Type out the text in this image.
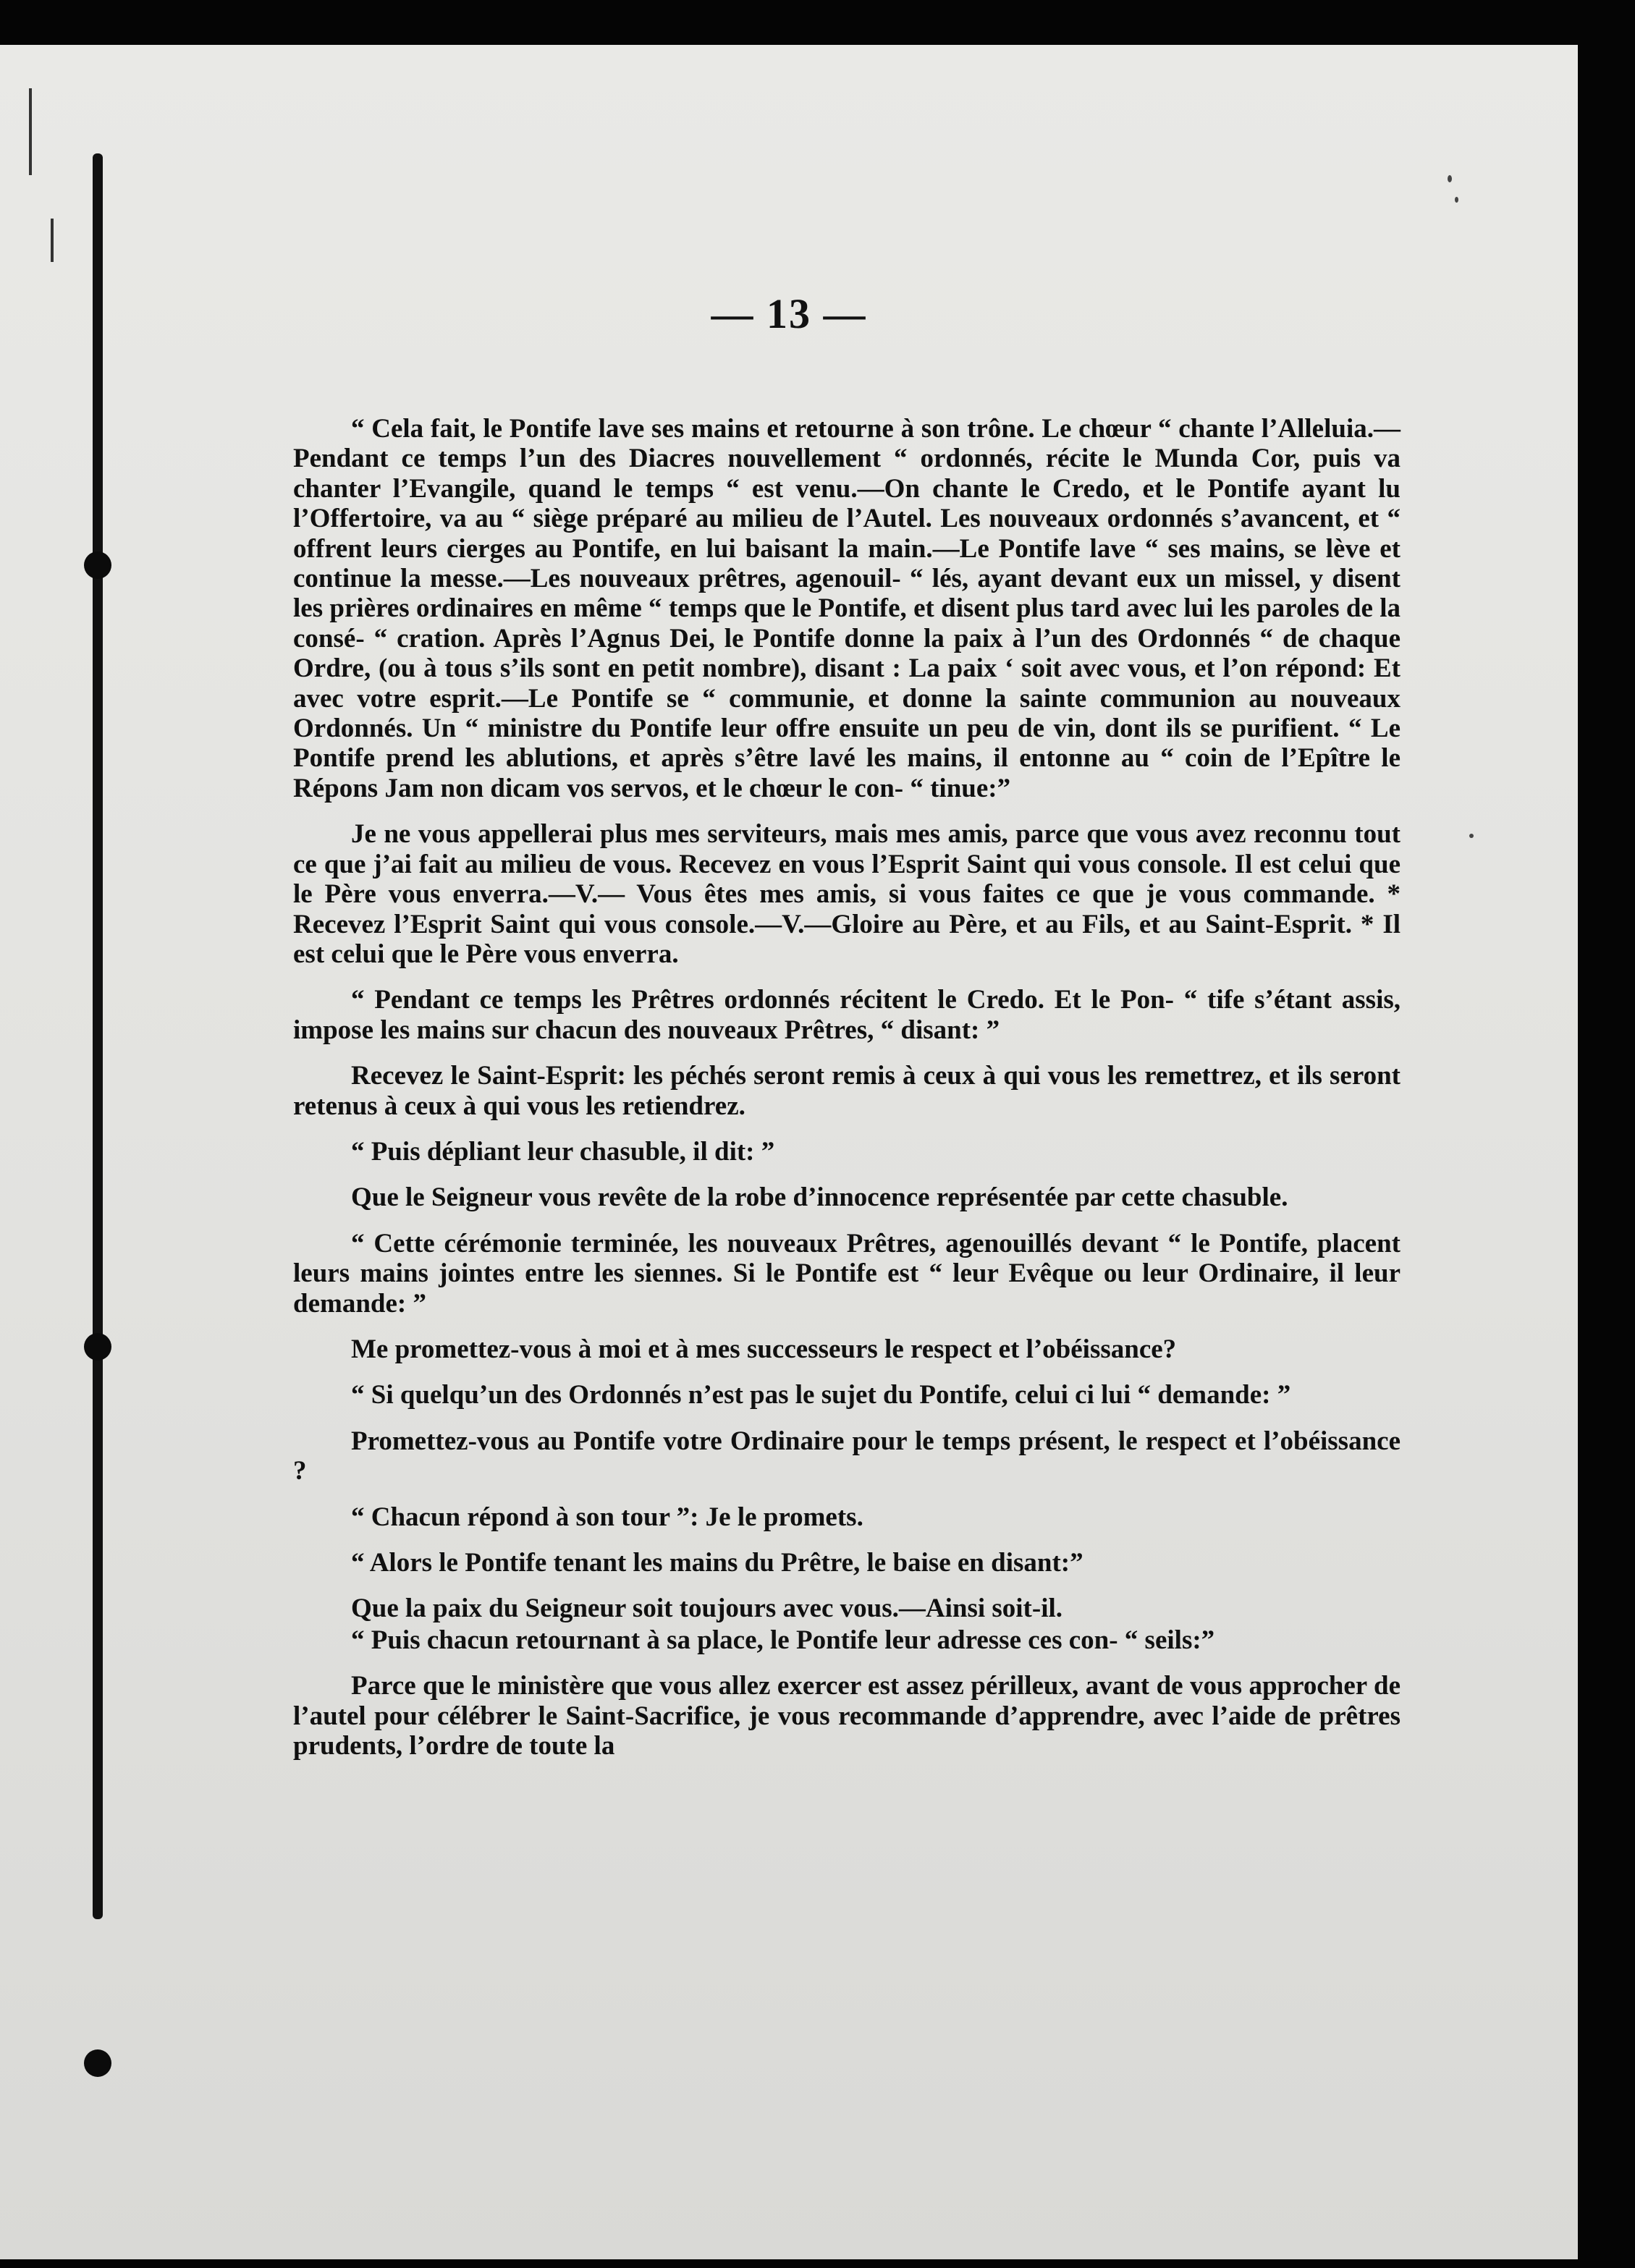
— 13 —

“ Cela fait, le Pontife lave ses mains et retourne à son trône. Le chœur “ chante l’Alleluia.— Pendant ce temps l’un des Diacres nouvellement “ ordonnés, récite le Munda Cor, puis va chanter l’Evangile, quand le temps “ est venu.—On chante le Credo, et le Pontife ayant lu l’Offertoire, va au “ siège préparé au milieu de l’Autel. Les nouveaux ordonnés s’avancent, et “ offrent leurs cierges au Pontife, en lui baisant la main.—Le Pontife lave “ ses mains, se lève et continue la messe.—Les nouveaux prêtres, agenouil- “ lés, ayant devant eux un missel, y disent les prières ordinaires en même “ temps que le Pontife, et disent plus tard avec lui les paroles de la consé- “ cration. Après l’Agnus Dei, le Pontife donne la paix à l’un des Ordonnés “ de chaque Ordre, (ou à tous s’ils sont en petit nombre), disant : La paix ‘ soit avec vous, et l’on répond: Et avec votre esprit.—Le Pontife se “ communie, et donne la sainte communion au nouveaux Ordonnés. Un “ ministre du Pontife leur offre ensuite un peu de vin, dont ils se purifient. “ Le Pontife prend les ablutions, et après s’être lavé les mains, il entonne au “ coin de l’Epître le Répons Jam non dicam vos servos, et le chœur le con- “ tinue:”

Je ne vous appellerai plus mes serviteurs, mais mes amis, parce que vous avez reconnu tout ce que j’ai fait au milieu de vous. Recevez en vous l’Esprit Saint qui vous console. Il est celui que le Père vous enverra.—V.— Vous êtes mes amis, si vous faites ce que je vous commande. * Recevez l’Esprit Saint qui vous console.—V.—Gloire au Père, et au Fils, et au Saint-Esprit. * Il est celui que le Père vous enverra.

“ Pendant ce temps les Prêtres ordonnés récitent le Credo. Et le Pon- “ tife s’étant assis, impose les mains sur chacun des nouveaux Prêtres, “ disant: ”

Recevez le Saint-Esprit: les péchés seront remis à ceux à qui vous les remettrez, et ils seront retenus à ceux à qui vous les retiendrez.

“ Puis dépliant leur chasuble, il dit: ”

Que le Seigneur vous revête de la robe d’innocence représentée par cette chasuble.

“ Cette cérémonie terminée, les nouveaux Prêtres, agenouillés devant “ le Pontife, placent leurs mains jointes entre les siennes. Si le Pontife est “ leur Evêque ou leur Ordinaire, il leur demande: ”

Me promettez-vous à moi et à mes successeurs le respect et l’obéissance?

“ Si quelqu’un des Ordonnés n’est pas le sujet du Pontife, celui ci lui “ demande: ”

Promettez-vous au Pontife votre Ordinaire pour le temps présent, le respect et l’obéissance ?

“ Chacun répond à son tour ”: Je le promets.

“ Alors le Pontife tenant les mains du Prêtre, le baise en disant:”

Que la paix du Seigneur soit toujours avec vous.—Ainsi soit-il.

“ Puis chacun retournant à sa place, le Pontife leur adresse ces con- “ seils:”

Parce que le ministère que vous allez exercer est assez périlleux, avant de vous approcher de l’autel pour célébrer le Saint-Sacrifice, je vous recommande d’apprendre, avec l’aide de prêtres prudents, l’ordre de toute la
